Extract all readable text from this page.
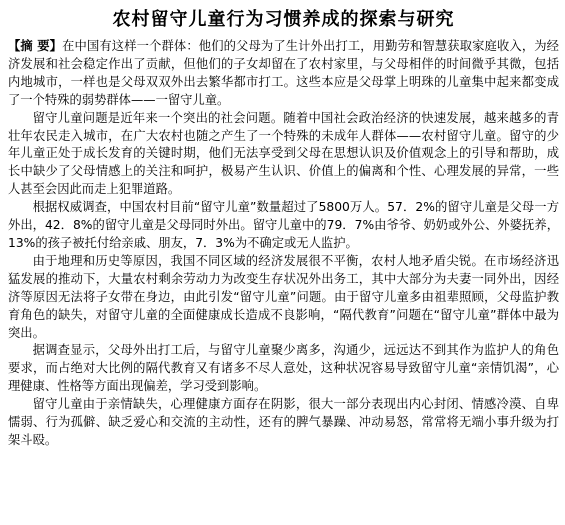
农村留守儿童行为习惯养成的探索与研究

【摘 要】在中国有这样一个群体：他们的父母为了生计外出打工，用勤劳和智慧获取家庭收入，为经济发展和社会稳定作出了贡献，但他们的子女却留在了农村家里，与父母相伴的时间微乎其微，包括内地城市，一样也是父母双双外出去繁华都市打工。这些本应是父母掌上明珠的儿童集中起来都变成了一个特殊的弱势群体——一留守儿童。

留守儿童问题是近年来一个突出的社会问题。随着中国社会政治经济的快速发展，越来越多的青壮年农民走入城市，在广大农村也随之产生了一个特殊的未成年人群体——农村留守儿童。留守的少年儿童正处于成长发育的关键时期，他们无法享受到父母在思想认识及价值观念上的引导和帮助，成长中缺少了父母情感上的关注和呵护，极易产生认识、价值上的偏离和个性、心理发展的异常，一些人甚至会因此而走上犯罪道路。

根据权威调查，中国农村目前“留守儿童”数量超过了5800万人。57．2%的留守儿童是父母一方外出，42．8%的留守儿童是父母同时外出。留守儿童中的79．7%由爷爷、奶奶或外公、外婆抚养，13%的孩子被托付给亲戚、朋友，7．3%为不确定或无人监护。

由于地理和历史等原因，我国不同区域的经济发展很不平衡，农村人地矛盾尖锐。在市场经济迅猛发展的推动下，大量农村剩余劳动力为改变生存状况外出务工，其中大部分为夫妻一同外出，因经济等原因无法将子女带在身边，由此引发“留守儿童”问题。由于留守儿童多由祖辈照顾，父母监护教育角色的缺失，对留守儿童的全面健康成长造成不良影响，“隔代教育”问题在“留守儿童”群体中最为突出。

据调查显示，父母外出打工后，与留守儿童聚少离多，沟通少，远远达不到其作为监护人的角色要求，而占绝对大比例的隔代教育又有诸多不尽人意处，这种状况容易导致留守儿童“亲情饥渴”，心理健康、性格等方面出现偏差，学习受到影响。

留守儿童由于亲情缺失，心理健康方面存在阴影，很大一部分表现出内心封闭、情感冷漠、自卑懦弱、行为孤僻、缺乏爱心和交流的主动性，还有的脾气暴躁、冲动易怒，常常将无端小事升级为打架斗殴。
